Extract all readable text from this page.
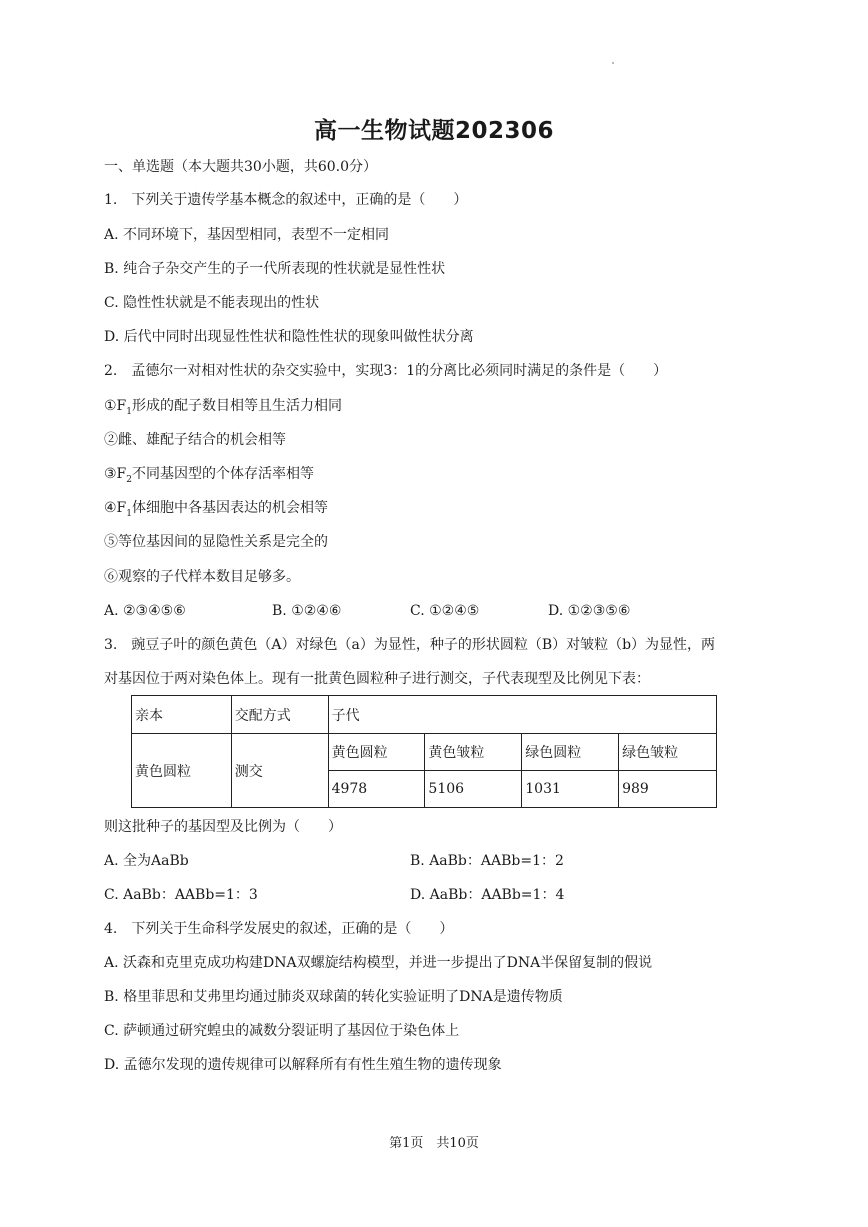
高一生物试题202306
一、单选题（本大题共30小题，共60.0分）
1.　下列关于遗传学基本概念的叙述中，正确的是（　　）
A. 不同环境下，基因型相同，表型不一定相同
B. 纯合子杂交产生的子一代所表现的性状就是显性性状
C. 隐性性状就是不能表现出的性状
D. 后代中同时出现显性性状和隐性性状的现象叫做性状分离
2.　孟德尔一对相对性状的杂交实验中，实现3：1的分离比必须同时满足的条件是（　　）
$①F_1$形成的配子数目相等且生活力相同
②雌、雄配子结合的机会相等
$③F_2$不同基因型的个体存活率相等
$④F_1$体细胞中各基因表达的机会相等
⑤等位基因间的显隐性关系是完全的
⑥观察的子代样本数目足够多。
A. ②③④⑤⑥	B. ①②④⑥	C. ①②④⑤	D. ①②③⑤⑥
3.　豌豆子叶的颜色黄色（A）对绿色（a）为显性，种子的形状圆粒（B）对皱粒（b）为显性，两
对基因位于两对染色体上。现有一批黄色圆粒种子进行测交，子代表现型及比例见下表：
亲本	交配方式	子代			
黄色圆粒	测交	黄色圆粒	黄色皱粒	绿色圆粒	绿色皱粒
		4978	5106	1031	989
则这批种子的基因型及比例为（　　）
A. 全为AaBb	B. AaBb：AABb=1：2
C. AaBb：AABb=1：3	D. AaBb：AABb=1：4
4.　下列关于生命科学发展史的叙述，正确的是（　　）
A. 沃森和克里克成功构建DNA双螺旋结构模型，并进一步提出了DNA半保留复制的假说
B. 格里菲思和艾弗里均通过肺炎双球菌的转化实验证明了DNA是遗传物质
C. 萨顿通过研究蝗虫的减数分裂证明了基因位于染色体上
D. 孟德尔发现的遗传规律可以解释所有有性生殖生物的遗传现象
第1页　共10页
